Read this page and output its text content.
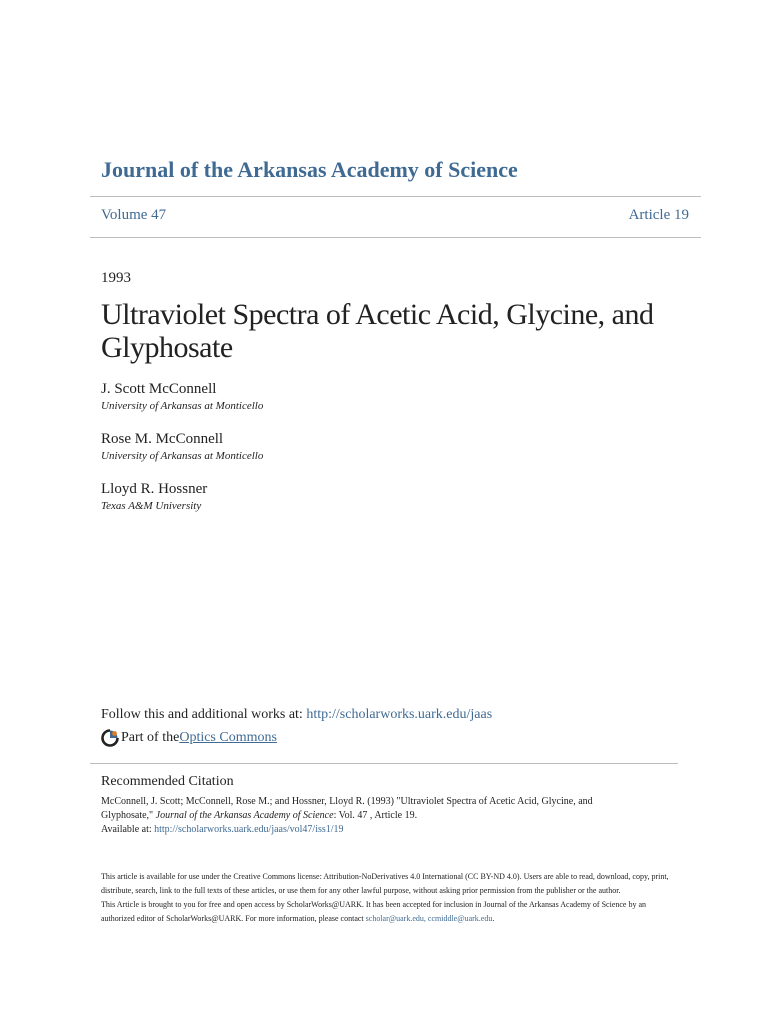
Journal of the Arkansas Academy of Science
Volume 47	Article 19
1993
Ultraviolet Spectra of Acetic Acid, Glycine, and Glyphosate
J. Scott McConnell
University of Arkansas at Monticello
Rose M. McConnell
University of Arkansas at Monticello
Lloyd R. Hossner
Texas A&M University
Follow this and additional works at: http://scholarworks.uark.edu/jaas
Part of the Optics Commons
Recommended Citation
McConnell, J. Scott; McConnell, Rose M.; and Hossner, Lloyd R. (1993) "Ultraviolet Spectra of Acetic Acid, Glycine, and
Glyphosate," Journal of the Arkansas Academy of Science: Vol. 47 , Article 19.
Available at: http://scholarworks.uark.edu/jaas/vol47/iss1/19
This article is available for use under the Creative Commons license: Attribution-NoDerivatives 4.0 International (CC BY-ND 4.0). Users are able to read, download, copy, print, distribute, search, link to the full texts of these articles, or use them for any other lawful purpose, without asking prior permission from the publisher or the author.
This Article is brought to you for free and open access by ScholarWorks@UARK. It has been accepted for inclusion in Journal of the Arkansas Academy of Science by an authorized editor of ScholarWorks@UARK. For more information, please contact scholar@uark.edu, ccmiddle@uark.edu.
